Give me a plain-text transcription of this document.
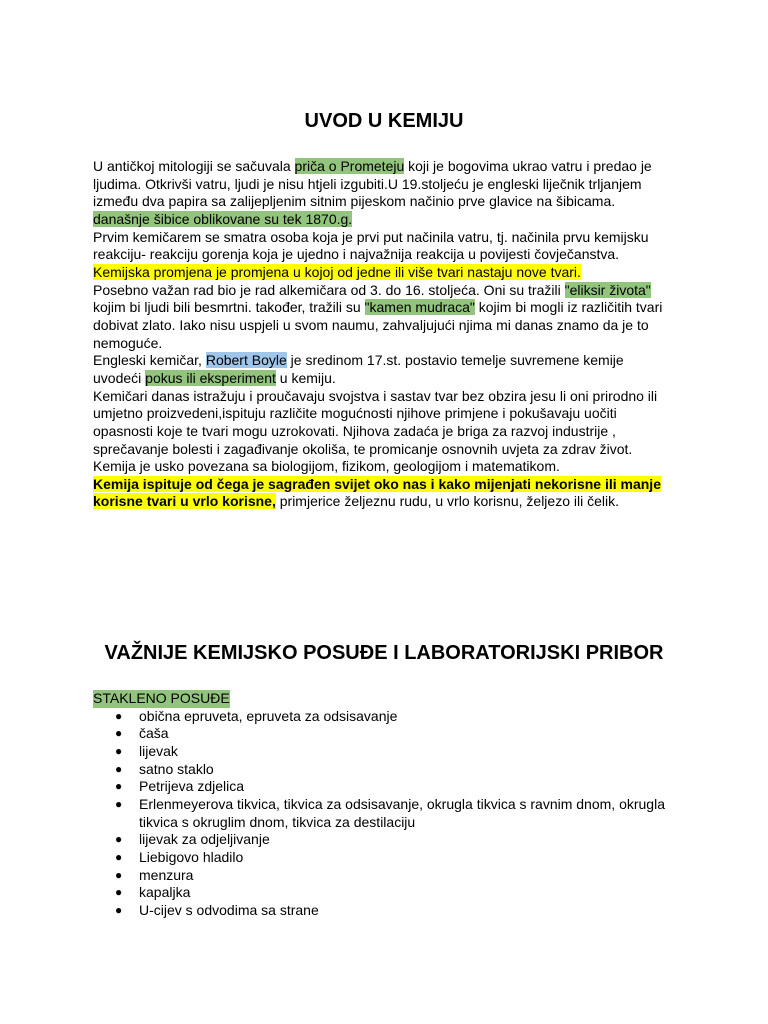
UVOD U KEMIJU
U antičkoj mitologiji se sačuvala priča o Prometeju koji je bogovima ukrao vatru i predao je
ljudima. Otkrivši vatru, ljudi je nisu htjeli izgubiti.U 19.stoljeću je engleski liječnik trljanjem
između dva papira sa zalijepljenim sitnim pijeskom načinio prve glavice na šibicama.
današnje šibice oblikovane su tek 1870.g.
Prvim kemičarem se smatra osoba koja je prvi put načinila vatru, tj. načinila prvu kemijsku
reakciju- reakciju gorenja koja je ujedno i najvažnija reakcija u povijesti čovječanstva.
Kemijska promjena je promjena u kojoj od jedne ili više tvari nastaju nove tvari.
Posebno važan rad bio je rad alkemičara od 3. do 16. stoljeća. Oni su tražili "eliksir života"
kojim bi ljudi bili besmrtni. također, tražili su "kamen mudraca" kojim bi mogli iz različitih tvari
dobivat zlato. Iako nisu uspjeli u svom naumu, zahvaljujući njima mi danas znamo da je to
nemoguće.
Engleski kemičar, Robert Boyle je sredinom 17.st. postavio temelje suvremene kemije
uvodeći pokus ili eksperiment u kemiju.
Kemičari danas istražuju i proučavaju svojstva i sastav tvar bez obzira jesu li oni prirodno ili
umjetno proizvedeni,ispituju različite mogućnosti njihove primjene i pokušavaju uočiti
opasnosti koje te tvari mogu uzrokovati. Njihova zadaća je briga za razvoj industrije ,
sprečavanje bolesti i zagađivanje okoliša, te promicanje osnovnih uvjeta za zdrav život.
Kemija je usko povezana sa biologijom, fizikom, geologijom i matematikom.
Kemija ispituje od čega je sagrađen svijet oko nas i kako mijenjati nekorisne ili manje
korisne tvari u vrlo korisne, primjerice željeznu rudu, u vrlo korisnu, željezo ili čelik.
VAŽNIJE KEMIJSKO POSUĐE I LABORATORIJSKI PRIBOR
STAKLENO POSUĐE
● obična epruveta, epruveta za odsisavanje
● čaša
● lijevak
● satno staklo
● Petrijeva zdjelica
● Erlenmeyerova tikvica, tikvica za odsisavanje, okrugla tikvica s ravnim dnom, okrugla
tikvica s okruglim dnom, tikvica za destilaciju
● lijevak za odjeljivanje
● Liebigovo hladilo
● menzura
● kapaljka
● U-cijev s odvodima sa strane
